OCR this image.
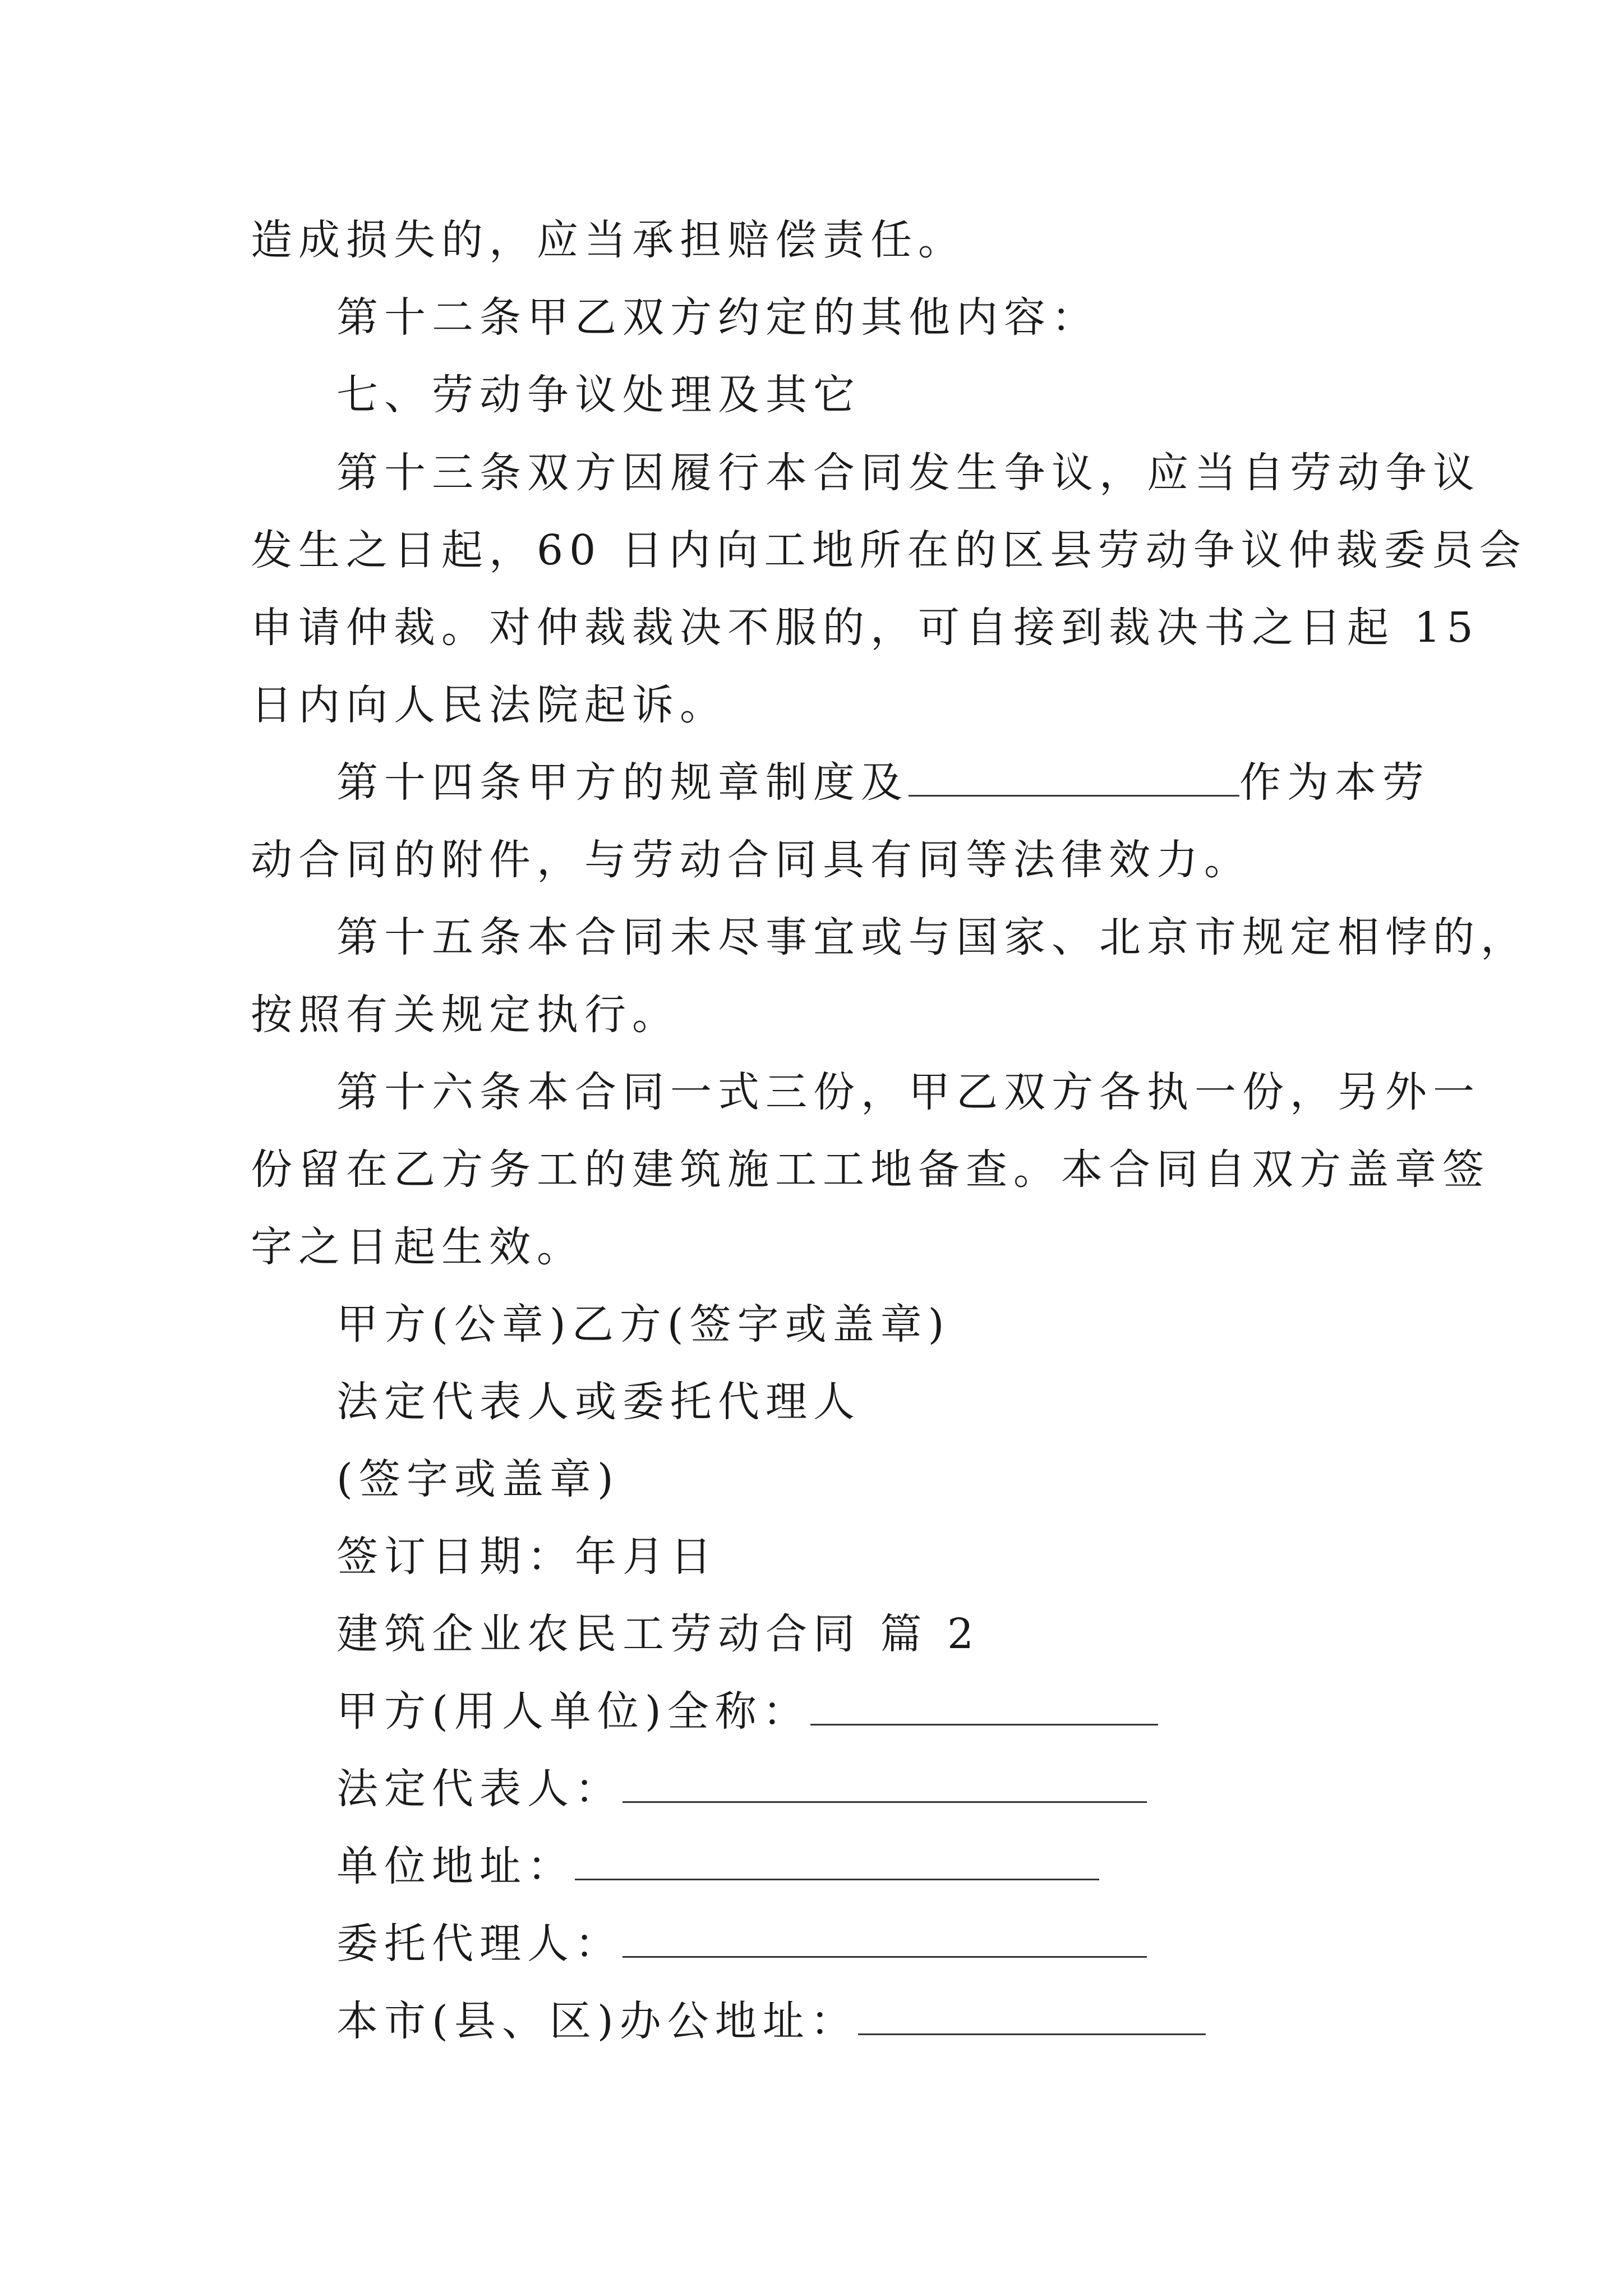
造成损失的，应当承担赔偿责任。
第十二条甲乙双方约定的其他内容：
七、劳动争议处理及其它
第十三条双方因履行本合同发生争议，应当自劳动争议
发生之日起，60 日内向工地所在的区县劳动争议仲裁委员会
申请仲裁。对仲裁裁决不服的，可自接到裁决书之日起 15
日内向人民法院起诉。
第十四条甲方的规章制度及	作为本劳
动合同的附件，与劳动合同具有同等法律效力。
第十五条本合同未尽事宜或与国家、北京市规定相悖的，
按照有关规定执行。
第十六条本合同一式三份，甲乙双方各执一份，另外一
份留在乙方务工的建筑施工工地备查。本合同自双方盖章签
字之日起生效。
甲方(公章)乙方(签字或盖章)
法定代表人或委托代理人
(签字或盖章)
签订日期：年月日
建筑企业农民工劳动合同 篇 2
甲方(用人单位)全称：
法定代表人：
单位地址：
委托代理人：
本市(县、区)办公地址：
